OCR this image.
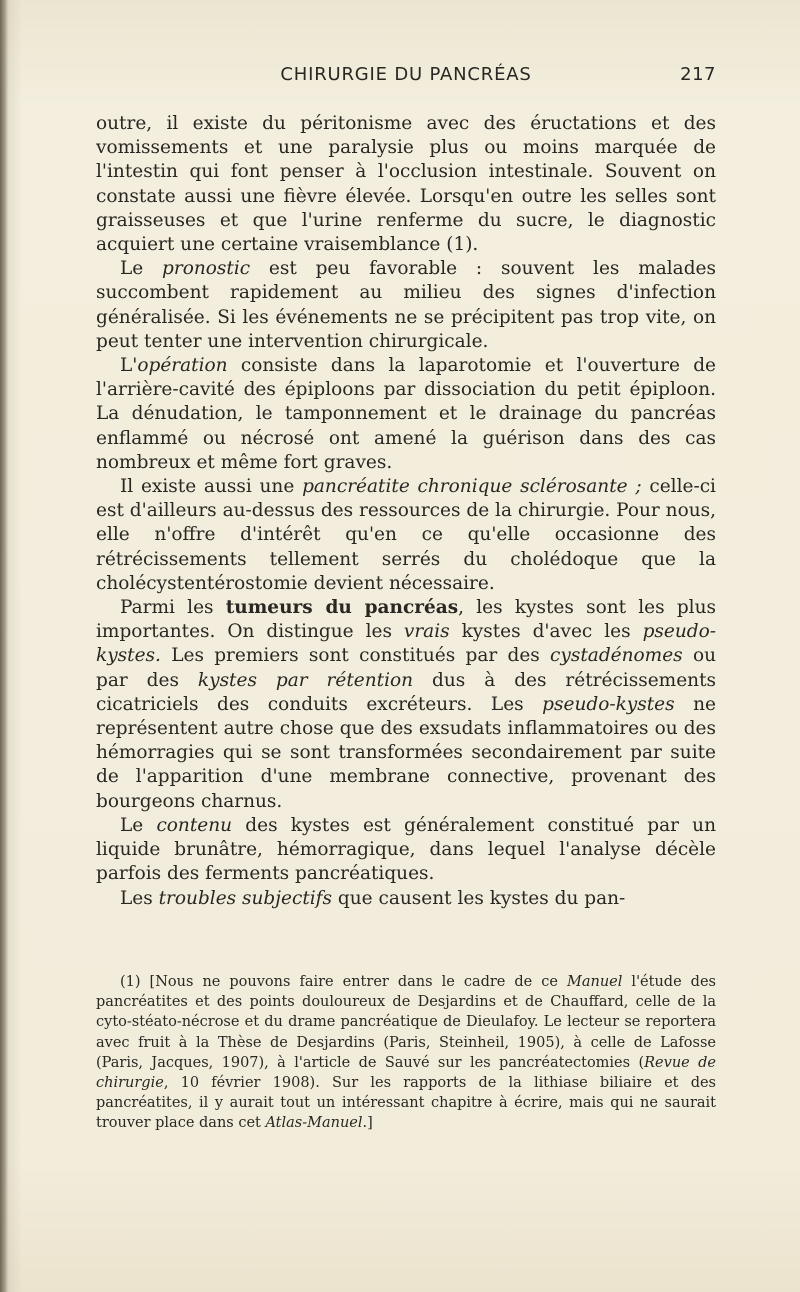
CHIRURGIE DU PANCRÉAS	217

outre, il existe du péritonisme avec des éructations et des vomissements et une paralysie plus ou moins marquée de l'intestin qui font penser à l'occlusion intestinale. Souvent on constate aussi une fièvre élevée. Lorsqu'en outre les selles sont graisseuses et que l'urine renferme du sucre, le diagnostic acquiert une certaine vraisemblance (1).

Le pronostic est peu favorable : souvent les malades succombent rapidement au milieu des signes d'infection généralisée. Si les événements ne se précipitent pas trop vite, on peut tenter une intervention chirurgicale.

L'opération consiste dans la laparotomie et l'ouverture de l'arrière-cavité des épiploons par dissociation du petit épiploon. La dénudation, le tamponnement et le drainage du pancréas enflammé ou nécrosé ont amené la guérison dans des cas nombreux et même fort graves.

Il existe aussi une pancréatite chronique sclérosante ; celle-ci est d'ailleurs au-dessus des ressources de la chirurgie. Pour nous, elle n'offre d'intérêt qu'en ce qu'elle occasionne des rétrécissements tellement serrés du cholédoque que la cholécystentérostomie devient nécessaire.

Parmi les tumeurs du pancréas, les kystes sont les plus importantes. On distingue les vrais kystes d'avec les pseudo-kystes. Les premiers sont constitués par des cystadénomes ou par des kystes par rétention dus à des rétrécissements cicatriciels des conduits excréteurs. Les pseudo-kystes ne représentent autre chose que des exsudats inflammatoires ou des hémorragies qui se sont transformées secondairement par suite de l'apparition d'une membrane connective, provenant des bourgeons charnus.

Le contenu des kystes est généralement constitué par un liquide brunâtre, hémorragique, dans lequel l'analyse décèle parfois des ferments pancréatiques.

Les troubles subjectifs que causent les kystes du pan-

(1) [Nous ne pouvons faire entrer dans le cadre de ce Manuel l'étude des pancréatites et des points douloureux de Desjardins et de Chauffard, celle de la cyto-stéato-nécrose et du drame pancréatique de Dieulafoy. Le lecteur se reportera avec fruit à la Thèse de Desjardins (Paris, Steinheil, 1905), à celle de Lafosse (Paris, Jacques, 1907), à l'article de Sauvé sur les pancréatectomies (Revue de chirurgie, 10 février 1908). Sur les rapports de la lithiase biliaire et des pancréatites, il y aurait tout un intéressant chapitre à écrire, mais qui ne saurait trouver place dans cet Atlas-Manuel.]
